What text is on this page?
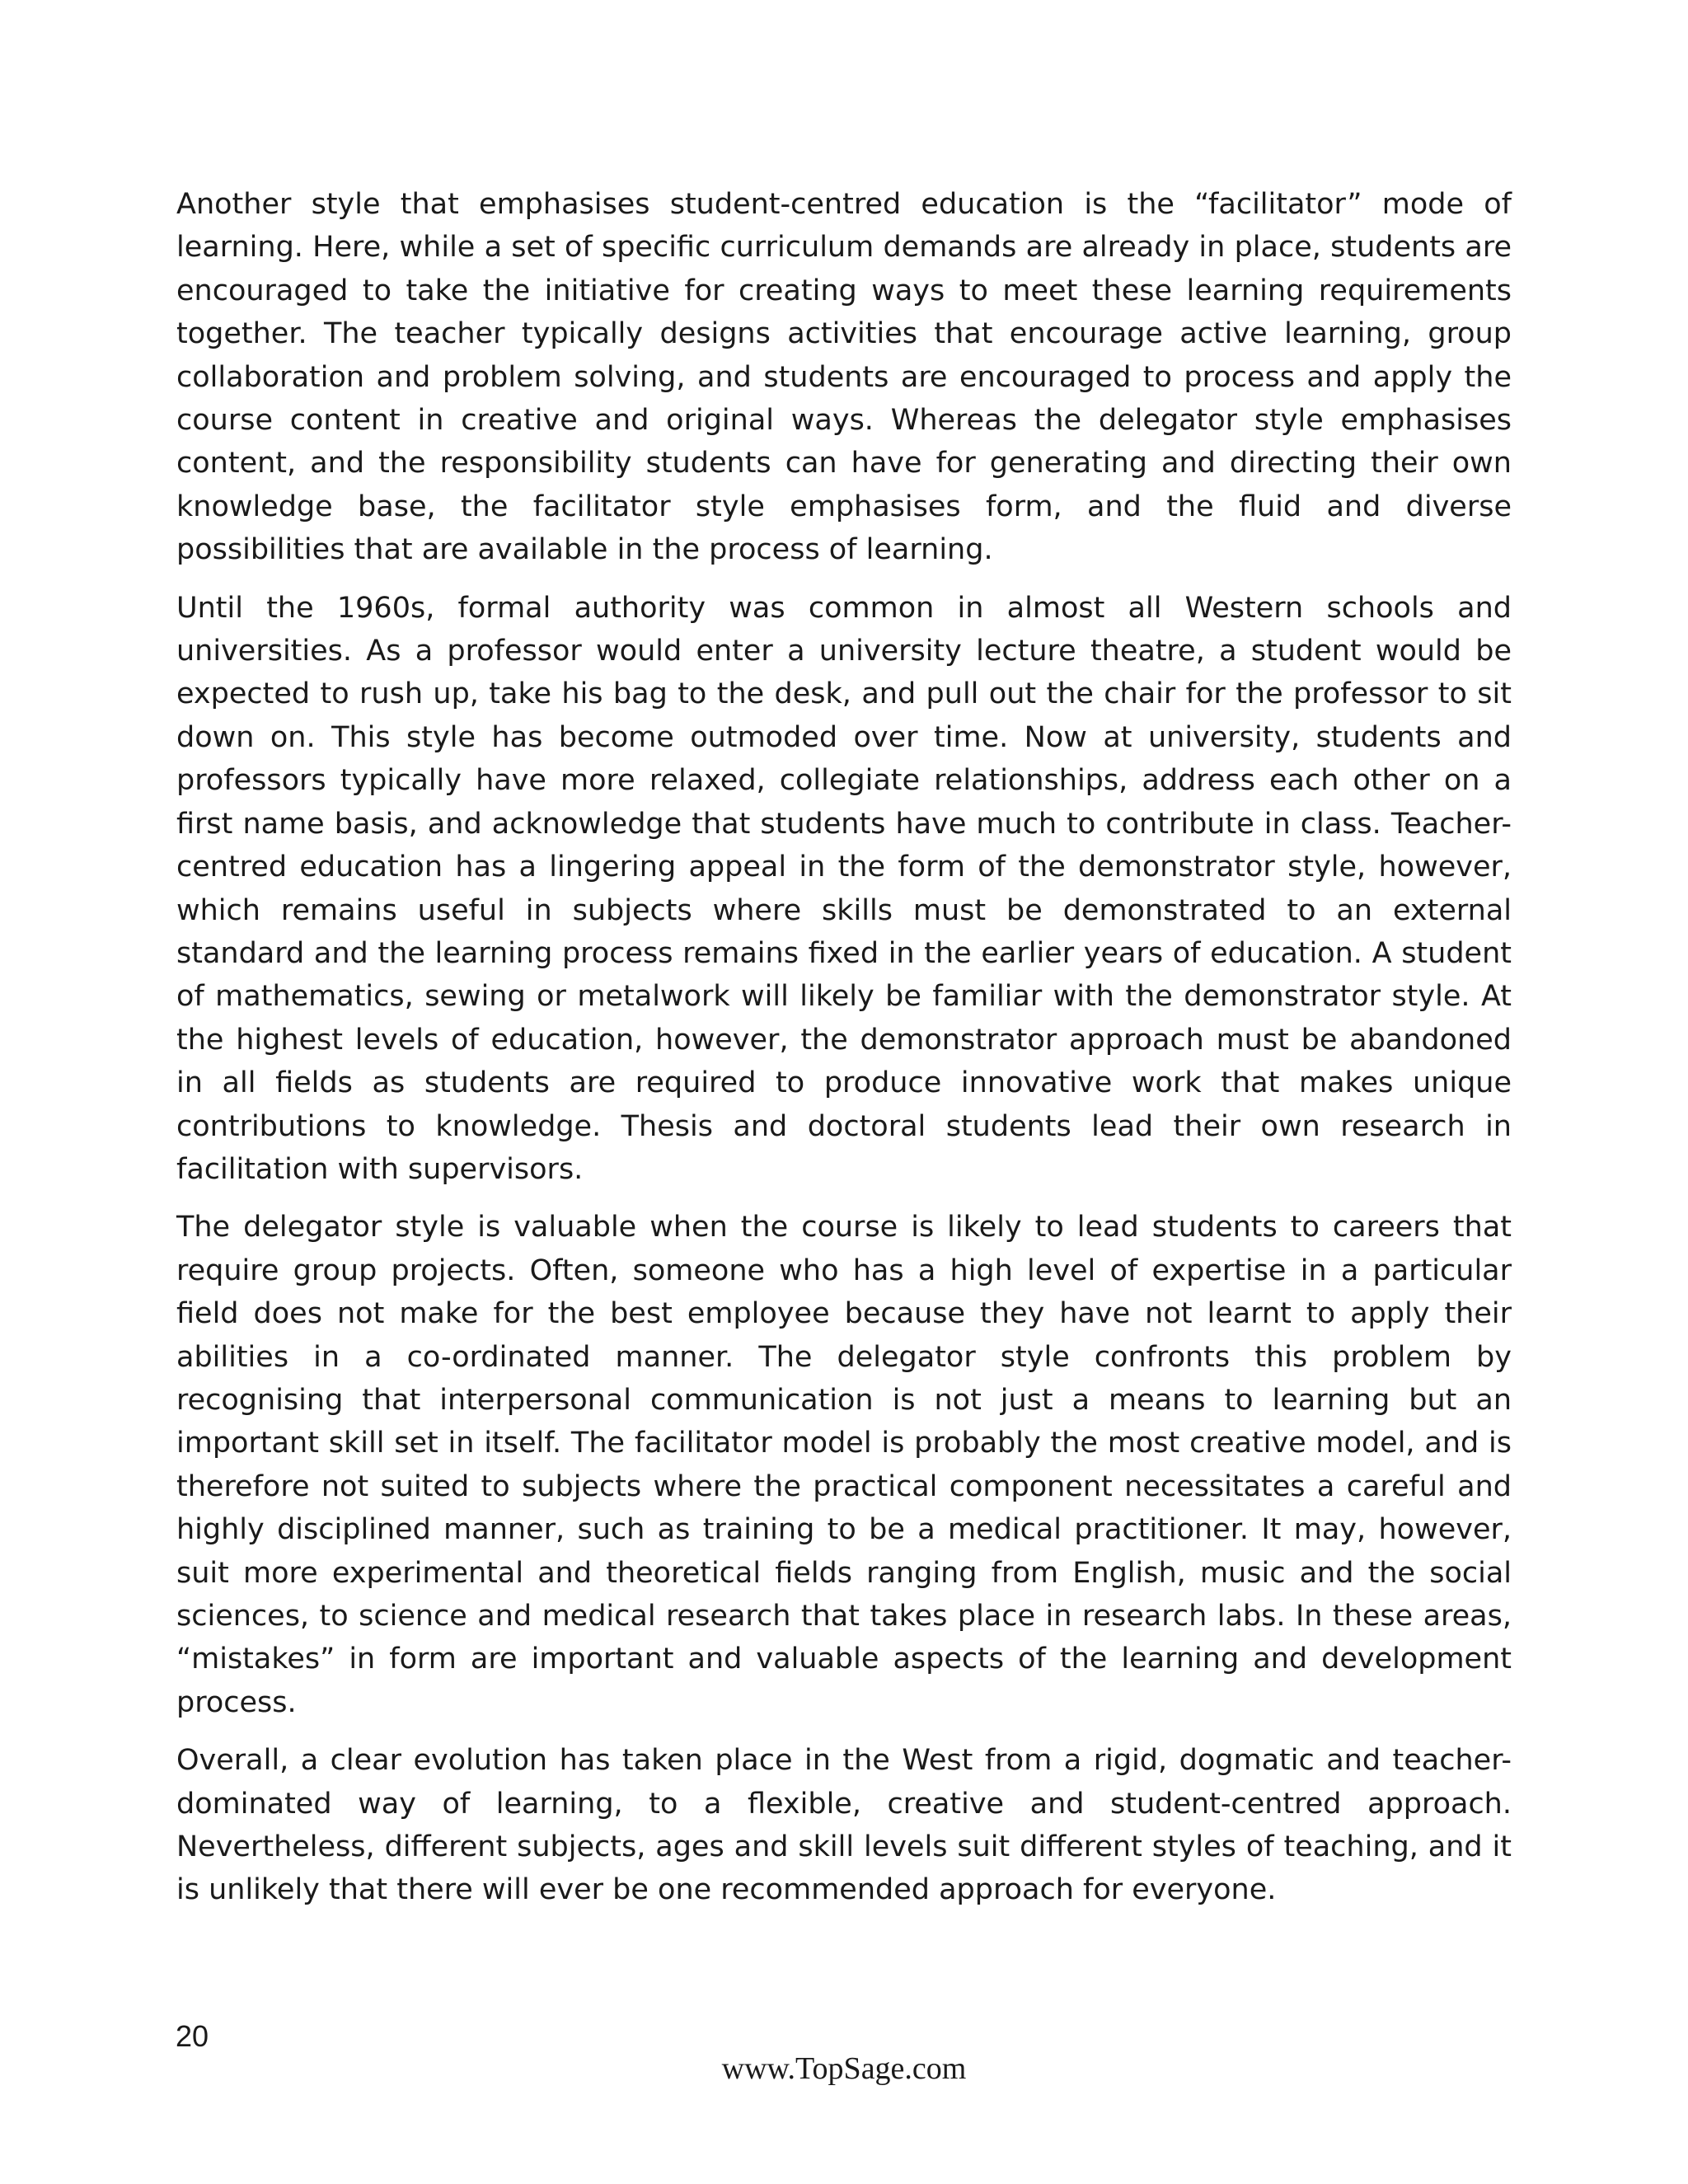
Another style that emphasises student-centred education is the “facilitator” mode of learning. Here, while a set of specific curriculum demands are already in place, students are encouraged to take the initiative for creating ways to meet these learning requirements together. The teacher typically designs activities that encourage active learning, group collaboration and problem solving, and students are encouraged to process and apply the course content in creative and original ways. Whereas the delegator style emphasises content, and the responsibility students can have for generating and directing their own knowledge base, the facilitator style emphasises form, and the fluid and diverse possibilities that are available in the process of learning.

Until the 1960s, formal authority was common in almost all Western schools and universities. As a professor would enter a university lecture theatre, a student would be expected to rush up, take his bag to the desk, and pull out the chair for the professor to sit down on. This style has become outmoded over time. Now at university, students and professors typically have more relaxed, collegiate relationships, address each other on a first name basis, and acknowledge that students have much to contribute in class. Teacher-centred education has a lingering appeal in the form of the demonstrator style, however, which remains useful in subjects where skills must be demonstrated to an external standard and the learning process remains fixed in the earlier years of education. A student of mathematics, sewing or metalwork will likely be familiar with the demonstrator style. At the highest levels of education, however, the demonstrator approach must be abandoned in all fields as students are required to produce innovative work that makes unique contributions to knowledge. Thesis and doctoral students lead their own research in facilitation with supervisors.

The delegator style is valuable when the course is likely to lead students to careers that require group projects. Often, someone who has a high level of expertise in a particular field does not make for the best employee because they have not learnt to apply their abilities in a co-ordinated manner. The delegator style confronts this problem by recognising that interpersonal communication is not just a means to learning but an important skill set in itself. The facilitator model is probably the most creative model, and is therefore not suited to subjects where the practical component necessitates a careful and highly disciplined manner, such as training to be a medical practitioner. It may, however, suit more experimental and theoretical fields ranging from English, music and the social sciences, to science and medical research that takes place in research labs. In these areas, “mistakes” in form are important and valuable aspects of the learning and development process.

Overall, a clear evolution has taken place in the West from a rigid, dogmatic and teacher-dominated way of learning, to a flexible, creative and student-centred approach. Nevertheless, different subjects, ages and skill levels suit different styles of teaching, and it is unlikely that there will ever be one recommended approach for everyone.

20
www.TopSage.com
